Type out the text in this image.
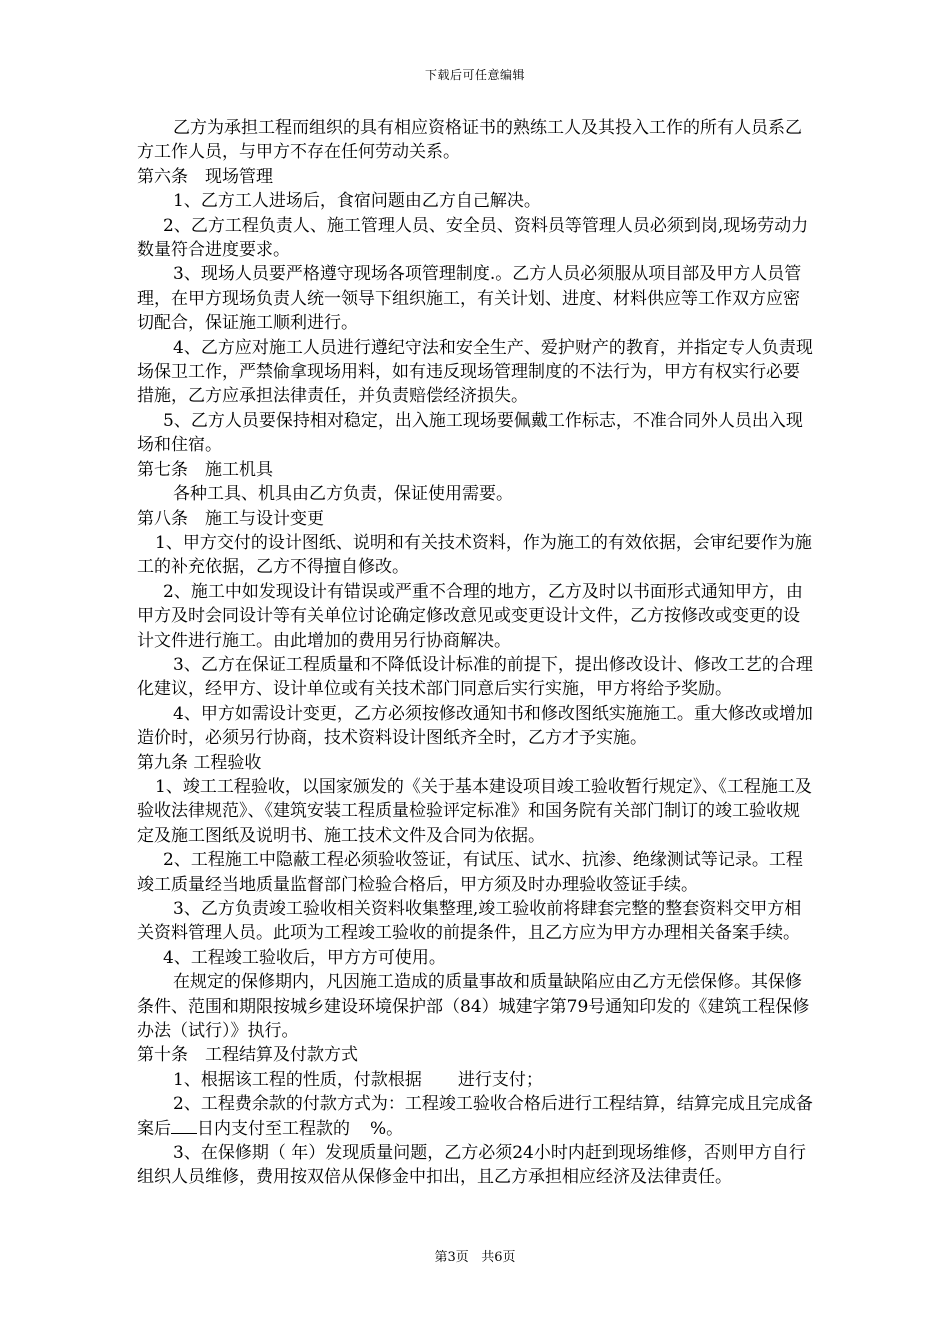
下载后可任意编辑

乙方为承担工程而组织的具有相应资格证书的熟练工人及其投入工作的所有人员系乙方工作人员，与甲方不存在任何劳动关系。

第六条　现场管理

1、乙方工人进场后，食宿问题由乙方自己解决。

2、乙方工程负责人、施工管理人员、安全员、资料员等管理人员必须到岗,现场劳动力数量符合进度要求。

3、现场人员要严格遵守现场各项管理制度.。乙方人员必须服从项目部及甲方人员管理，在甲方现场负责人统一领导下组织施工，有关计划、进度、材料供应等工作双方应密切配合，保证施工顺利进行。

4、乙方应对施工人员进行遵纪守法和安全生产、爱护财产的教育，并指定专人负责现场保卫工作，严禁偷拿现场用料，如有违反现场管理制度的不法行为，甲方有权实行必要措施，乙方应承担法律责任，并负责赔偿经济损失。

5、乙方人员要保持相对稳定，出入施工现场要佩戴工作标志，不准合同外人员出入现场和住宿。

第七条　施工机具

各种工具、机具由乙方负责，保证使用需要。

第八条　施工与设计变更

1、甲方交付的设计图纸、说明和有关技术资料，作为施工的有效依据，会审纪要作为施工的补充依据，乙方不得擅自修改。

2、施工中如发现设计有错误或严重不合理的地方，乙方及时以书面形式通知甲方，由甲方及时会同设计等有关单位讨论确定修改意见或变更设计文件，乙方按修改或变更的设计文件进行施工。由此增加的费用另行协商解决。

3、乙方在保证工程质量和不降低设计标准的前提下，提出修改设计、修改工艺的合理化建议，经甲方、设计单位或有关技术部门同意后实行实施，甲方将给予奖励。

4、甲方如需设计变更，乙方必须按修改通知书和修改图纸实施施工。重大修改或增加造价时，必须另行协商，技术资料设计图纸齐全时，乙方才予实施。

第九条 工程验收

1、竣工工程验收，以国家颁发的《关于基本建设项目竣工验收暂行规定》、《工程施工及验收法律规范》、《建筑安装工程质量检验评定标准》和国务院有关部门制订的竣工验收规定及施工图纸及说明书、施工技术文件及合同为依据。

2、工程施工中隐蔽工程必须验收签证，有试压、试水、抗渗、绝缘测试等记录。工程竣工质量经当地质量监督部门检验合格后，甲方须及时办理验收签证手续。

3、乙方负责竣工验收相关资料收集整理,竣工验收前将肆套完整的整套资料交甲方相关资料管理人员。此项为工程竣工验收的前提条件，且乙方应为甲方办理相关备案手续。

4、工程竣工验收后，甲方方可使用。

在规定的保修期内，凡因施工造成的质量事故和质量缺陷应由乙方无偿保修。其保修条件、范围和期限按城乡建设环境保护部（84）城建字第79号通知印发的《建筑工程保修办法（试行）》执行。

第十条　工程结算及付款方式

1、根据该工程的性质，付款根据 进行支付；

2、工程费余款的付款方式为：工程竣工验收合格后进行工程结算，结算完成且完成备案后 日内支付至工程款的 %。

3、在保修期（ 年）发现质量问题，乙方必须24小时内赶到现场维修，否则甲方自行组织人员维修，费用按双倍从保修金中扣出，且乙方承担相应经济及法律责任。

第3页 共6页
